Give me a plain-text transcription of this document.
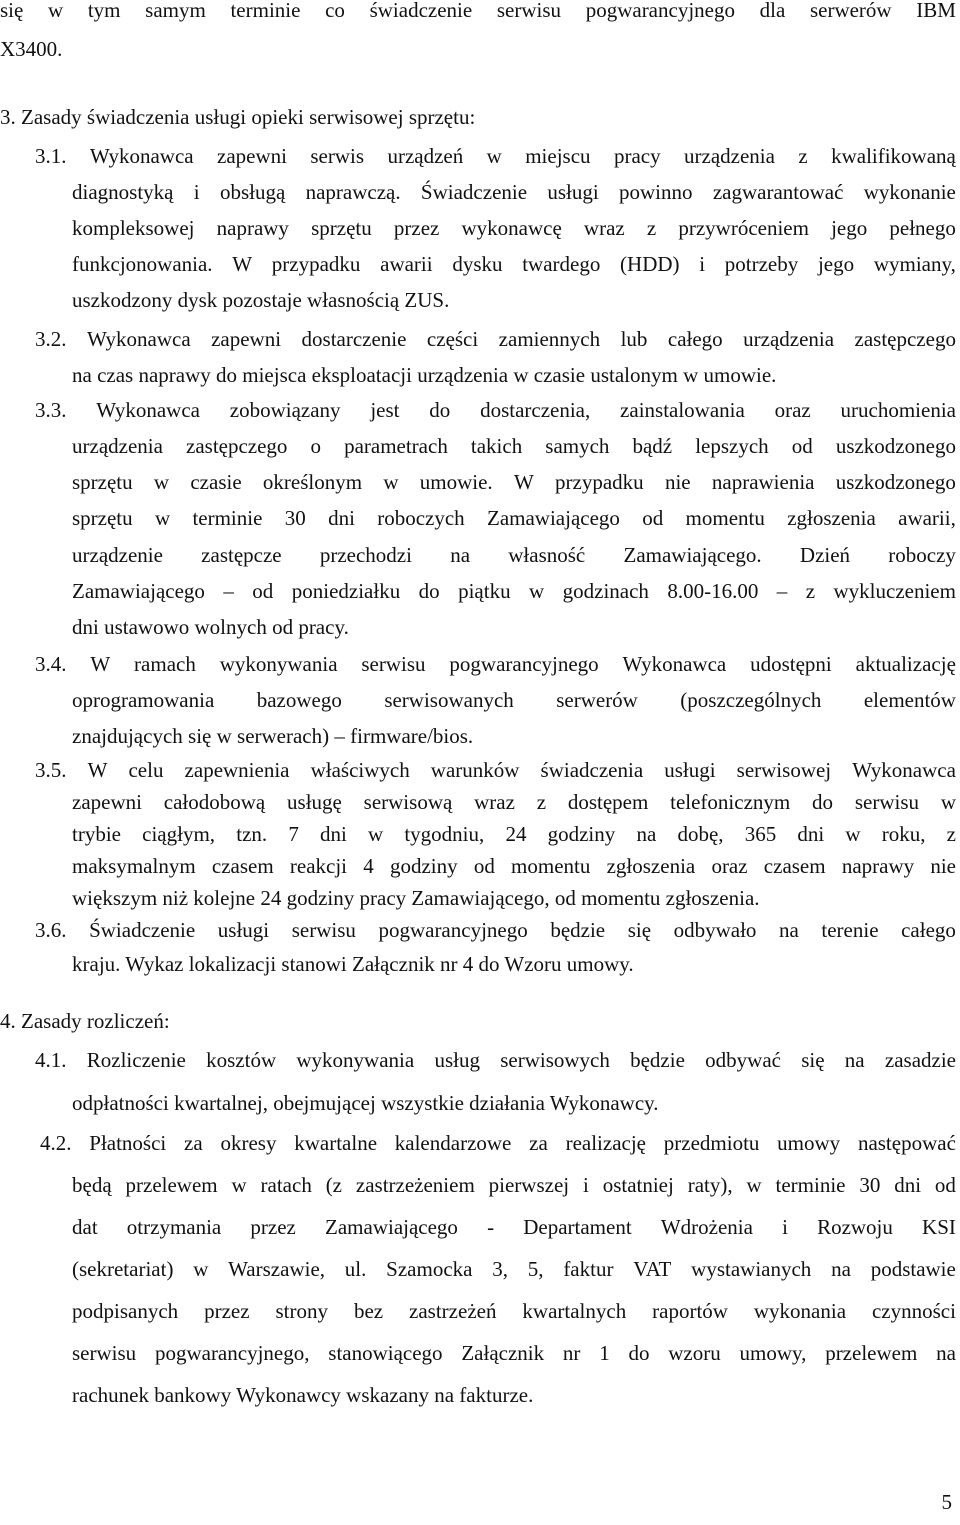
się w tym samym terminie co świadczenie serwisu pogwarancyjnego dla serwerów IBM
X3400.
3. Zasady świadczenia usługi opieki serwisowej sprzętu:
3.1. Wykonawca zapewni serwis urządzeń w miejscu pracy urządzenia z kwalifikowaną
diagnostyką i obsługą naprawczą. Świadczenie usługi powinno zagwarantować wykonanie
kompleksowej naprawy sprzętu przez wykonawcę wraz z przywróceniem jego pełnego
funkcjonowania. W przypadku awarii dysku twardego (HDD) i potrzeby jego wymiany,
uszkodzony dysk pozostaje własnością ZUS.
3.2. Wykonawca zapewni dostarczenie części zamiennych lub całego urządzenia zastępczego
na czas naprawy do miejsca eksploatacji urządzenia w czasie ustalonym w umowie.
3.3. Wykonawca zobowiązany jest do dostarczenia, zainstalowania oraz uruchomienia
urządzenia zastępczego o parametrach takich samych bądź lepszych od uszkodzonego
sprzętu w czasie określonym w umowie. W przypadku nie naprawienia uszkodzonego
sprzętu w terminie 30 dni roboczych Zamawiającego od momentu zgłoszenia awarii,
urządzenie zastępcze przechodzi na własność Zamawiającego. Dzień roboczy
Zamawiającego – od poniedziałku do piątku w godzinach 8.00-16.00 – z wykluczeniem
dni ustawowo wolnych od pracy.
3.4. W ramach wykonywania serwisu pogwarancyjnego Wykonawca udostępni aktualizację
oprogramowania bazowego serwisowanych serwerów (poszczególnych elementów
znajdujących się w serwerach) – firmware/bios.
3.5. W celu zapewnienia właściwych warunków świadczenia usługi serwisowej Wykonawca
zapewni całodobową usługę serwisową wraz z dostępem telefonicznym do serwisu w
trybie ciągłym, tzn. 7 dni w tygodniu, 24 godziny na dobę, 365 dni w roku, z
maksymalnym czasem reakcji 4 godziny od momentu zgłoszenia oraz czasem naprawy nie
większym niż kolejne 24 godziny pracy Zamawiającego, od momentu zgłoszenia.
3.6. Świadczenie usługi serwisu pogwarancyjnego będzie się odbywało na terenie całego
kraju. Wykaz lokalizacji stanowi Załącznik nr 4 do Wzoru umowy.
4. Zasady rozliczeń:
4.1. Rozliczenie kosztów wykonywania usług serwisowych będzie odbywać się na zasadzie
odpłatności kwartalnej, obejmującej wszystkie działania Wykonawcy.
4.2. Płatności za okresy kwartalne kalendarzowe za realizację przedmiotu umowy następować
będą przelewem w ratach (z zastrzeżeniem pierwszej i ostatniej raty), w terminie 30 dni od
dat otrzymania przez Zamawiającego - Departament Wdrożenia i Rozwoju KSI
(sekretariat) w Warszawie, ul. Szamocka 3, 5, faktur VAT wystawianych na podstawie
podpisanych przez strony bez zastrzeżeń kwartalnych raportów wykonania czynności
serwisu pogwarancyjnego, stanowiącego Załącznik nr 1 do wzoru umowy, przelewem na
rachunek bankowy Wykonawcy wskazany na fakturze.
5
